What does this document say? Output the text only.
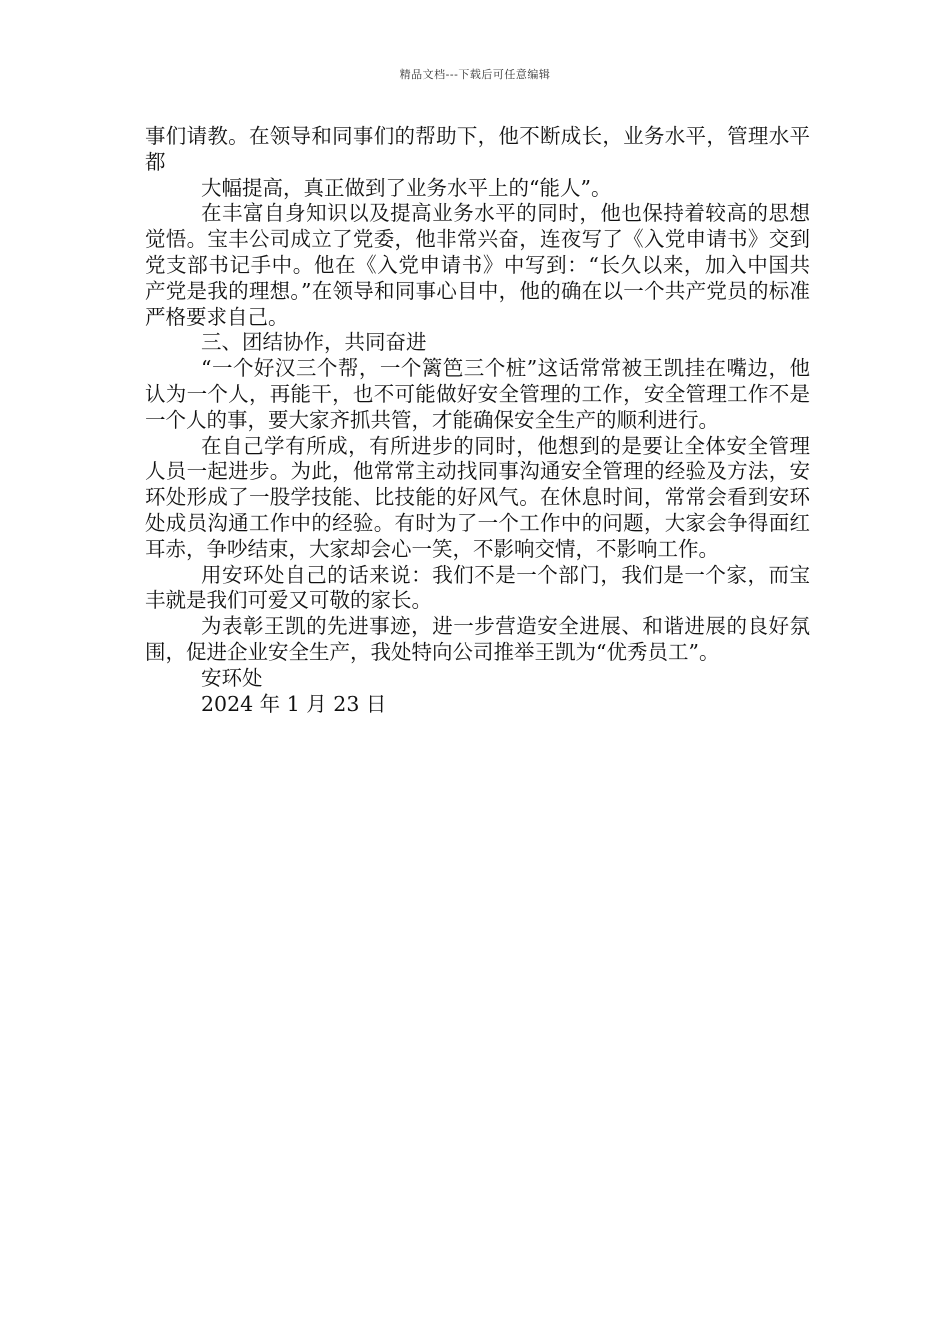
精品文档---下载后可任意编辑

事们请教。在领导和同事们的帮助下，他不断成长，业务水平，管理水平都

大幅提高，真正做到了业务水平上的“能人”。

在丰富自身知识以及提高业务水平的同时，他也保持着较高的思想觉悟。宝丰公司成立了党委，他非常兴奋，连夜写了《入党申请书》交到党支部书记手中。他在《入党申请书》中写到：“长久以来，加入中国共产党是我的理想。”在领导和同事心目中，他的确在以一个共产党员的标准严格要求自己。

三、团结协作，共同奋进

“一个好汉三个帮，一个篱笆三个桩”这话常常被王凯挂在嘴边，他认为一个人，再能干，也不可能做好安全管理的工作，安全管理工作不是一个人的事，要大家齐抓共管，才能确保安全生产的顺利进行。

在自己学有所成，有所进步的同时，他想到的是要让全体安全管理人员一起进步。为此，他常常主动找同事沟通安全管理的经验及方法，安环处形成了一股学技能、比技能的好风气。在休息时间，常常会看到安环处成员沟通工作中的经验。有时为了一个工作中的问题，大家会争得面红耳赤，争吵结束，大家却会心一笑，不影响交情，不影响工作。

用安环处自己的话来说：我们不是一个部门，我们是一个家，而宝丰就是我们可爱又可敬的家长。

为表彰王凯的先进事迹，进一步营造安全进展、和谐进展的良好氛围，促进企业安全生产，我处特向公司推举王凯为“优秀员工”。

安环处

2024 年 1 月 23 日
